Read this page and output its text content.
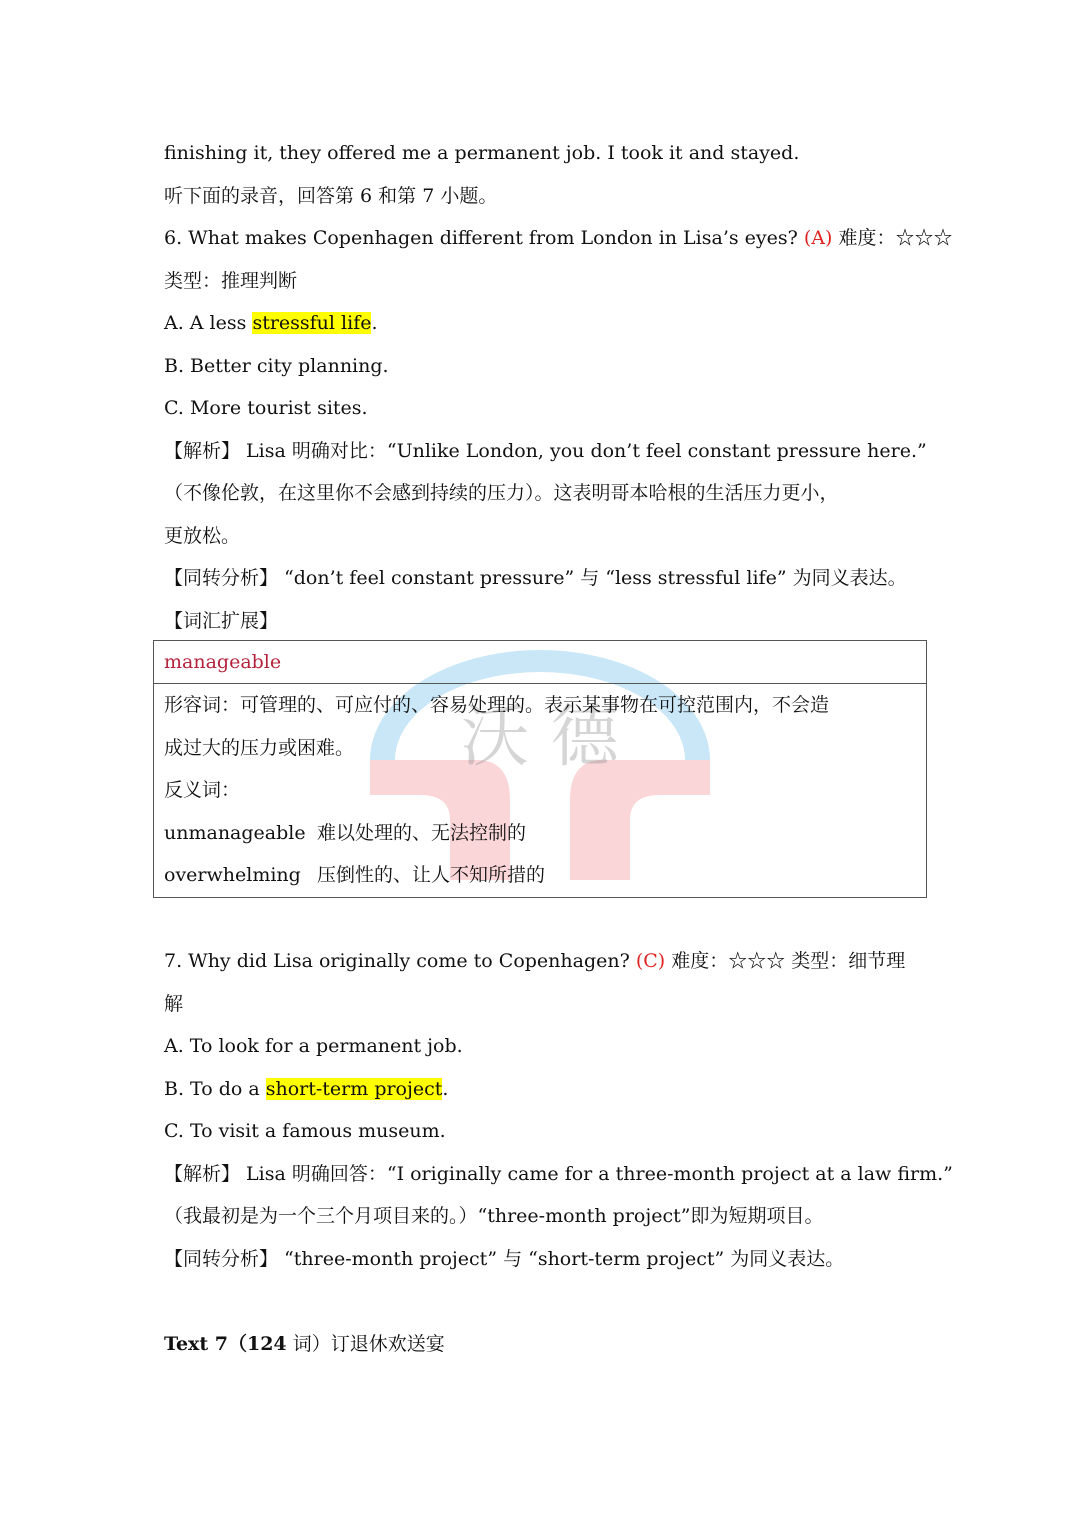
沃 德
finishing it, they offered me a permanent job. I took it and stayed.
听下面的录音，回答第 6 和第 7 小题。
6. What makes Copenhagen different from London in Lisa’s eyes? (A) 难度：☆☆☆
类型：推理判断
A. A less stressful life.
B. Better city planning.
C. More tourist sites.
【解析】 Lisa 明确对比：“Unlike London, you don’t feel constant pressure here.”
（不像伦敦，在这里你不会感到持续的压力）。这表明哥本哈根的生活压力更小，
更放松。
【同转分析】 “don’t feel constant pressure” 与 “less stressful life” 为同义表达。
【词汇扩展】
manageable
形容词：可管理的、可应付的、容易处理的。表示某事物在可控范围内，不会造
成过大的压力或困难。
反义词：
unmanageable 难以处理的、无法控制的
overwhelming 压倒性的、让人不知所措的
7. Why did Lisa originally come to Copenhagen? (C) 难度：☆☆☆ 类型：细节理
解
A. To look for a permanent job.
B. To do a short-term project.
C. To visit a famous museum.
【解析】 Lisa 明确回答：“I originally came for a three-month project at a law firm.”
（我最初是为一个三个月项目来的。）“three-month project”即为短期项目。
【同转分析】 “three-month project” 与 “short-term project” 为同义表达。
Text 7（124 词）订退休欢送宴
